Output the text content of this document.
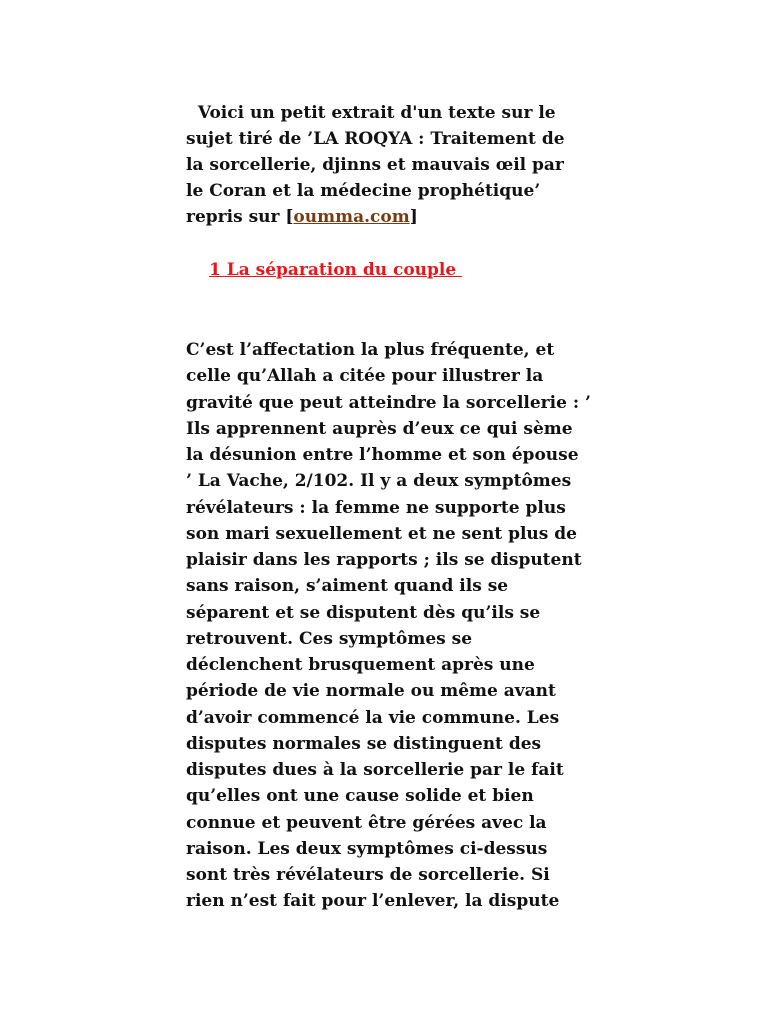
Voici un petit extrait d'un texte sur le sujet tiré de ’LA ROQYA : Traitement de la sorcellerie, djinns et mauvais œil par le Coran et la médecine prophétique’ repris sur [oumma.com]

1 La séparation du couple

C’est l’affectation la plus fréquente, et
celle qu’Allah a citée pour illustrer la
gravité que peut atteindre la sorcellerie : ’
Ils apprennent auprès d’eux ce qui sème
la désunion entre l’homme et son épouse
’ La Vache, 2/102. Il y a deux symptômes
révélateurs : la femme ne supporte plus
son mari sexuellement et ne sent plus de
plaisir dans les rapports ; ils se disputent
sans raison, s’aiment quand ils se
séparent et se disputent dès qu’ils se
retrouvent. Ces symptômes se
déclenchent brusquement après une
période de vie normale ou même avant
d’avoir commencé la vie commune. Les
disputes normales se distinguent des
disputes dues à la sorcellerie par le fait
qu’elles ont une cause solide et bien
connue et peuvent être gérées avec la
raison. Les deux symptômes ci-dessus
sont très révélateurs de sorcellerie. Si
rien n’est fait pour l’enlever, la dispute
